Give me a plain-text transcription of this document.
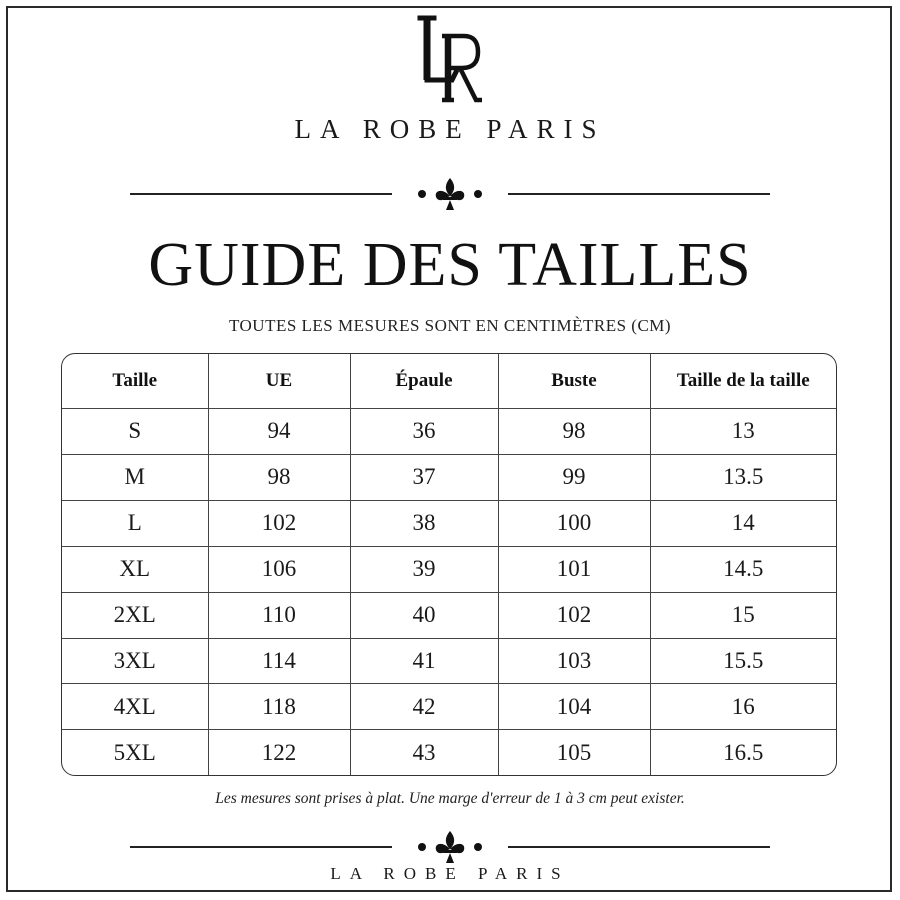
LA ROBE PARIS
GUIDE DES TAILLES
TOUTES LES MESURES SONT EN CENTIMÈTRES (CM)
Taille	UE	Épaule	Buste	Taille de la taille
S	94	36	98	13
M	98	37	99	13.5
L	102	38	100	14
XL	106	39	101	14.5
2XL	110	40	102	15
3XL	114	41	103	15.5
4XL	118	42	104	16
5XL	122	43	105	16.5
Les mesures sont prises à plat. Une marge d'erreur de 1 à 3 cm peut exister.
LA ROBE PARIS
